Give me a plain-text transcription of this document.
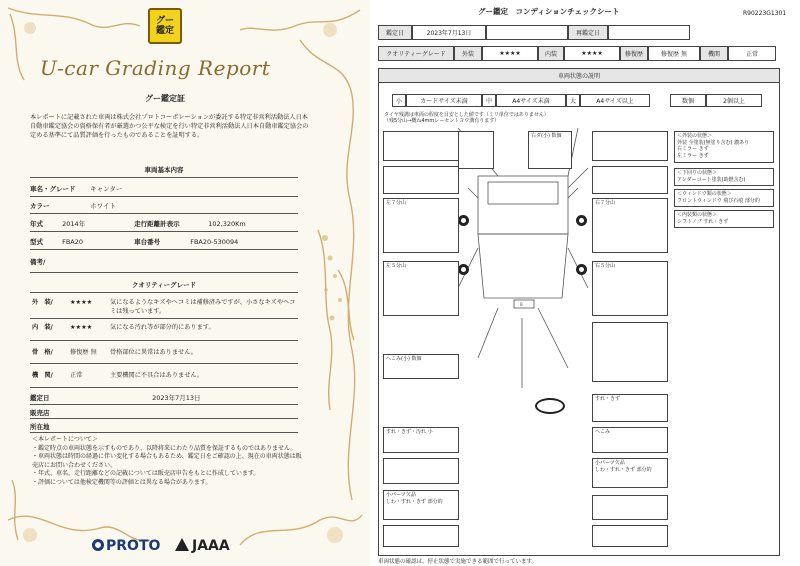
グー
鑑定
U-car Grading Report
グー鑑定証
本レポートに記載された車両は株式会社プロトコーポレーションが委託する特定非営利活動法人日本自動車鑑定協会の資格保有者が厳選かつ公平な検定を行い特定非営利活動法人日本自動車鑑定協会の定める基準にて品質評価を行ったものであることを証明する。
車両基本内容
車名・グレード キャンター
カラー	ホワイト
年式	2014年	走行距離計表示	102,320Km
型式	FBA20	車台番号	FBA20-530094
備考/
クオリティーグレード
外　装/	★★★★	気になるようなキズやヘコミは補修済みですが、小さなキズやヘコミは残っています。
内　装/	★★★★	気になる汚れ等が部分的にあります。
骨　格/	修復歴 無 骨格部位に異常はありません。
機　関/	正常	主要機関に不具合はありません。
鑑定日	2023年7月13日
販売店
所在地
＜本レポートについて＞
・鑑定時点の車両状態を示すものであり、以降将来にわたり品質を保証するものではありません。
・車両状態は時間の経過に伴い変化する場合もあるため、鑑定日をご確認の上、現在の車両状態は販売店にお問い合わせください。
・年式、車名、走行距離などの記載については販売店申告をもとに作成しています。
・評価については他検定機関等の評価とは異なる場合があります。
PROTO	JAAA
グー鑑定　コンディションチェックシート	R90223G1301
鑑定日	2023年7月13日	再鑑定日
クオリティーグレード	外装	★★★★	内装	★★★★	修復歴	修復歴 無	機関	正常
車両状態の説明
小	カードサイズ未満	中	A4サイズ未満	大	A4サイズ以上	数個	2個以上
タイヤ残溝は車両の程度を目安とした値です（ミリ単位ではありません）
（残5分山→概ね4mmレーセントヨウ溝有ります）
B
左７分山
左５分山
へこみ(小) 数個
右ダ(小) 数個
右７分山
右５分山
＜外装の状態＞
外装 全塗装(無塗り含む) 濃あり
右ミラー きず
左ミラー きず
＜下回りの状態＞
アンダーコート塗装(助燃含む)
＜ウィンドウ類の状態＞
フロントウィンドウ 飛び石痕 部分的
＜内装類の状態＞
シフトノブ すれ・きず
すれ・きず
すれ・きず・汚れ 小	へこみ
小パーツ欠品
しわ・すれ・きず 部分的
小パーツ欠品
しわ・すれ・きず 部分的
車両状態の確認は、停止状態で実施できる範囲で行っています。
